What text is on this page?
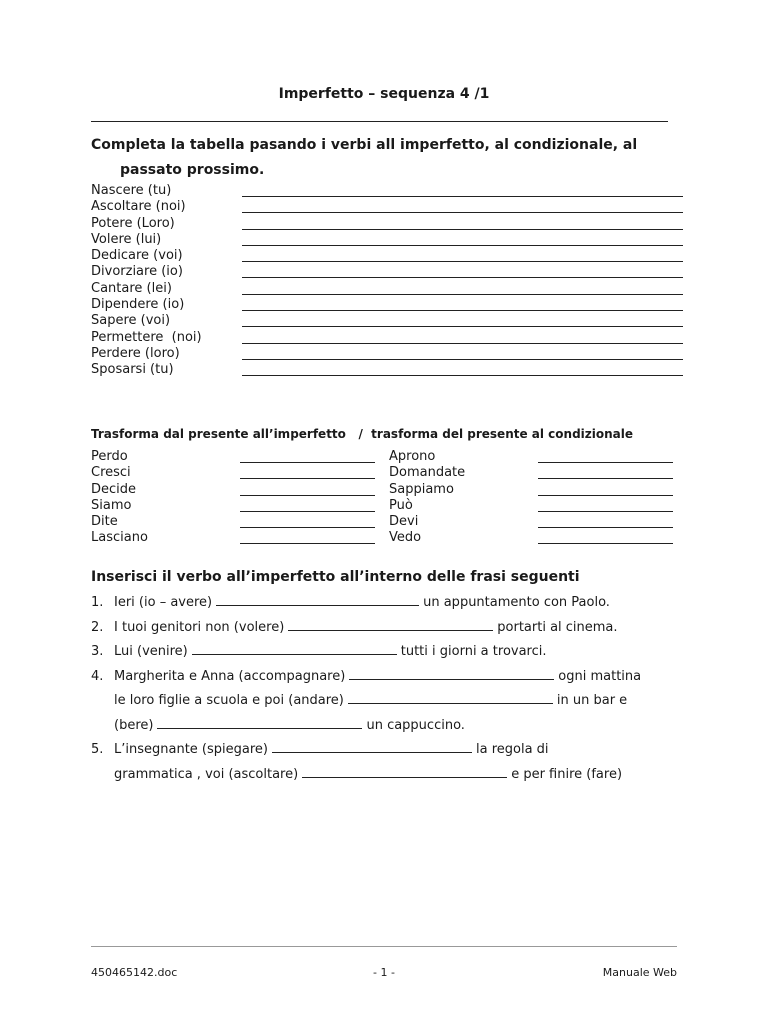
Imperfetto – sequenza 4 /1
Completa la tabella pasando i verbi all imperfetto, al condizionale, al
passato prossimo.
Nascere (tu)
Ascoltare (noi)
Potere (Loro)
Volere (lui)
Dedicare (voi)
Divorziare (io)
Cantare (lei)
Dipendere (io)
Sapere (voi)
Permettere  (noi)
Perdere (loro)
Sposarsi (tu)
Trasforma dal presente all’imperfetto   /  trasforma del presente al condizionale
Perdo	Aprono
Cresci	Domandate
Decide	Sappiamo
Siamo	Può
Dite	Devi
Lasciano	Vedo
Inserisci il verbo all’imperfetto all’interno delle frasi seguenti
1. Ieri (io – avere)	un appuntamento con Paolo.
2. I tuoi genitori non (volere)	portarti al cinema.
3. Lui (venire)	tutti i giorni a trovarci.
4. Margherita e Anna (accompagnare)	ogni mattina
le loro figlie a scuola e poi (andare)	in un bar e
(bere)	un cappuccino.
5. L’insegnante (spiegare)	la regola di
grammatica , voi (ascoltare)	e per finire (fare)
450465142.doc	- 1 -	Manuale Web
